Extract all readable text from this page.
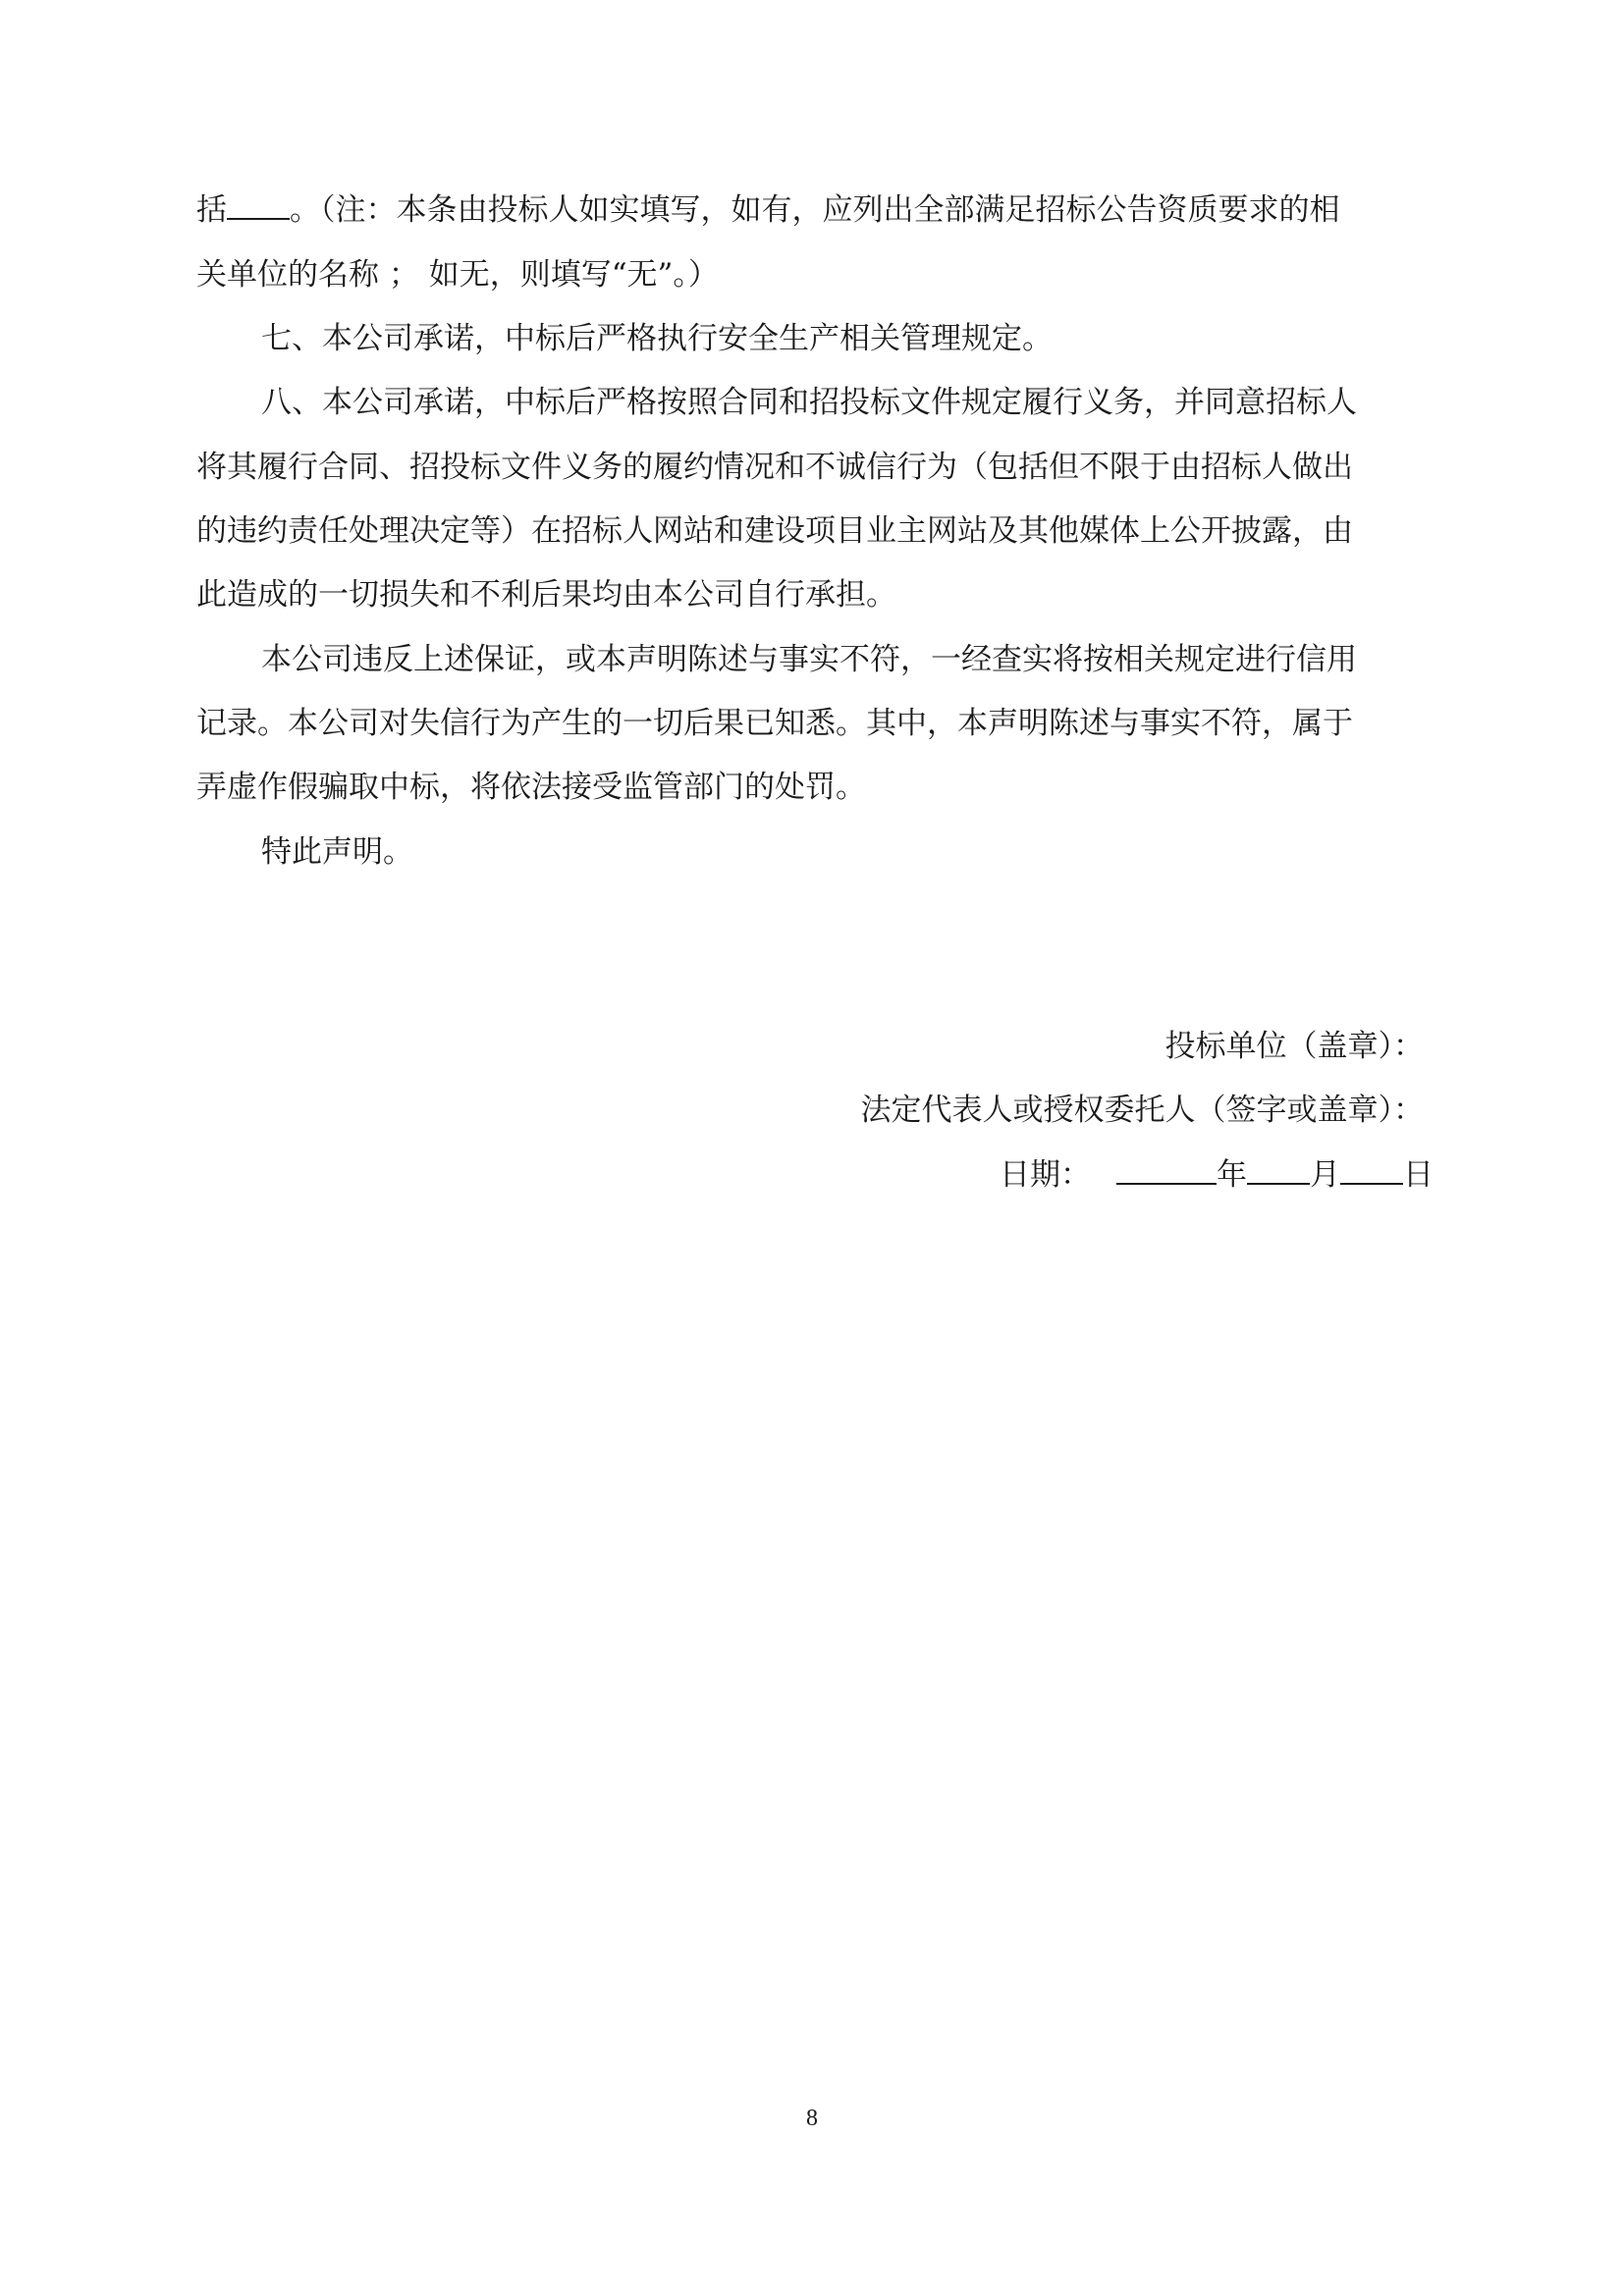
括 。（注：本条由投标人如实填写，如有，应列出全部满足招标公告资质要求的相
关单位的名称 ； 如无，则填写“无”。）
七、本公司承诺，中标后严格执行安全生产相关管理规定。
八、本公司承诺，中标后严格按照合同和招投标文件规定履行义务，并同意招标人
将其履行合同、招投标文件义务的履约情况和不诚信行为（包括但不限于由招标人做出
的违约责任处理决定等）在招标人网站和建设项目业主网站及其他媒体上公开披露，由
此造成的一切损失和不利后果均由本公司自行承担。
本公司违反上述保证，或本声明陈述与事实不符，一经查实将按相关规定进行信用
记录。本公司对失信行为产生的一切后果已知悉。其中，本声明陈述与事实不符，属于
弄虚作假骗取中标，将依法接受监管部门的处罚。
特此声明。
投标单位（盖章）：
法定代表人或授权委托人（签字或盖章）：
日期：	年 月 日
8
